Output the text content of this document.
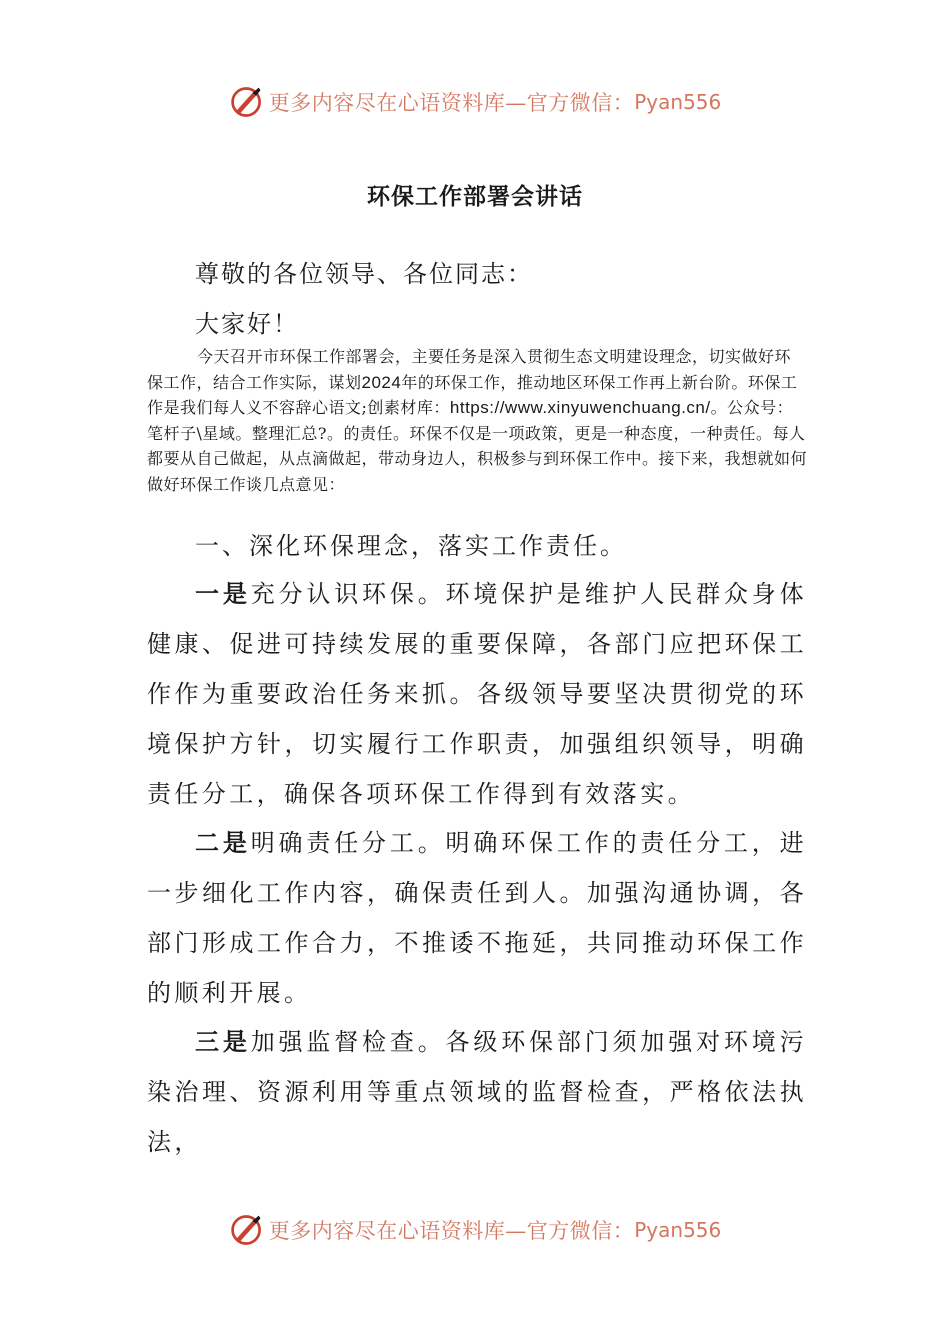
更多内容尽在心语资料库—官方微信： Pyan556
环保工作部署会讲话

尊敬的各位领导、各位同志：

大家好！

今天召开市环保工作部署会，主要任务是深入贯彻生态文明建设理念，切实做好环保工作，结合工作实际，谋划2024年的环保工作，推动地区环保工作再上新台阶。环保工作是我们每人义不容辞心语文;创素材库：https://www.xinyuwenchuang.cn/。公众号：笔杆子\星域。整理汇总?。的责任。环保不仅是一项政策，更是一种态度，一种责任。每人都要从自己做起，从点滴做起，带动身边人，积极参与到环保工作中。接下来，我想就如何做好环保工作谈几点意见：

一、深化环保理念，落实工作责任。

一是充分认识环保。环境保护是维护人民群众身体健康、促进可持续发展的重要保障，各部门应把环保工作作为重要政治任务来抓。各级领导要坚决贯彻党的环境保护方针，切实履行工作职责，加强组织领导，明确责任分工，确保各项环保工作得到有效落实。

二是明确责任分工。明确环保工作的责任分工，进一步细化工作内容，确保责任到人。加强沟通协调，各部门形成工作合力，不推诿不拖延，共同推动环保工作的顺利开展。

三是加强监督检查。各级环保部门须加强对环境污染治理、资源利用等重点领域的监督检查，严格依法执法，

更多内容尽在心语资料库—官方微信： Pyan556
